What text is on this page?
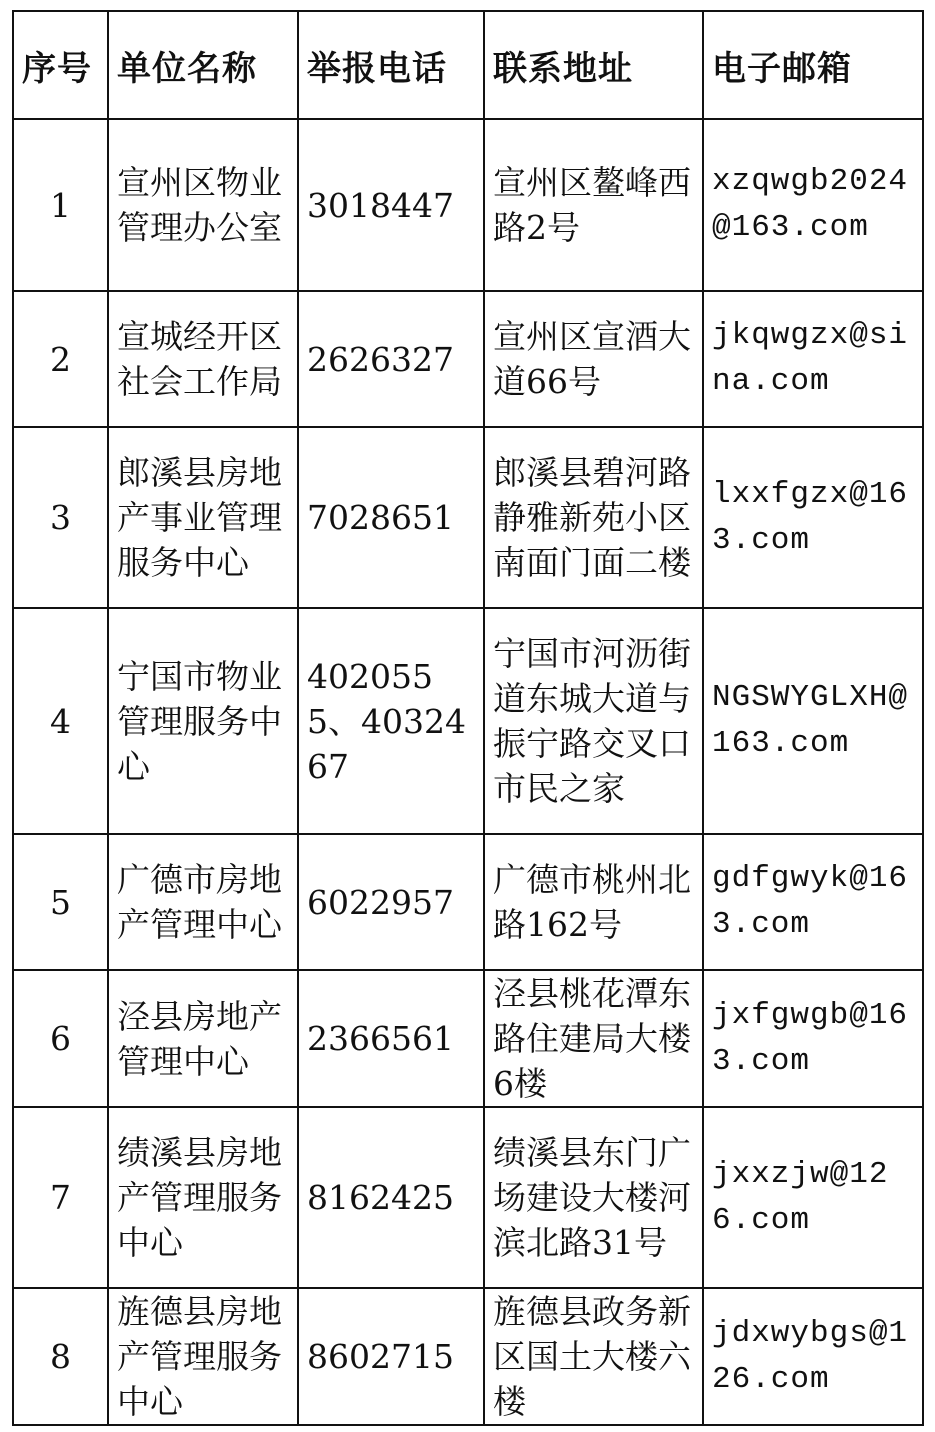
序号	单位名称	举报电话	联系地址	电子邮箱
1	宣州区物业管理办公室	3018447	宣州区鳌峰西路2号	xzqwgb2024@163.com
2	宣城经开区社会工作局	2626327	宣州区宣酒大道66号	jkqwgzx@sina.com
3	郎溪县房地产事业管理服务中心	7028651	郎溪县碧河路静雅新苑小区南面门面二楼	lxxfgzx@163.com
4	宁国市物业管理服务中心	4020555、4032467	宁国市河沥街道东城大道与振宁路交叉口市民之家	NGSWYGLXH@163.com
5	广德市房地产管理中心	6022957	广德市桃州北路162号	gdfgwyk@163.com
6	泾县房地产管理中心	2366561	泾县桃花潭东路住建局大楼6楼	jxfgwgb@163.com
7	绩溪县房地产管理服务中心	8162425	绩溪县东门广场建设大楼河滨北路31号	jxxzjw@126.com
8	旌德县房地产管理服务中心	8602715	旌德县政务新区国土大楼六楼	jdxwybgs@126.com
